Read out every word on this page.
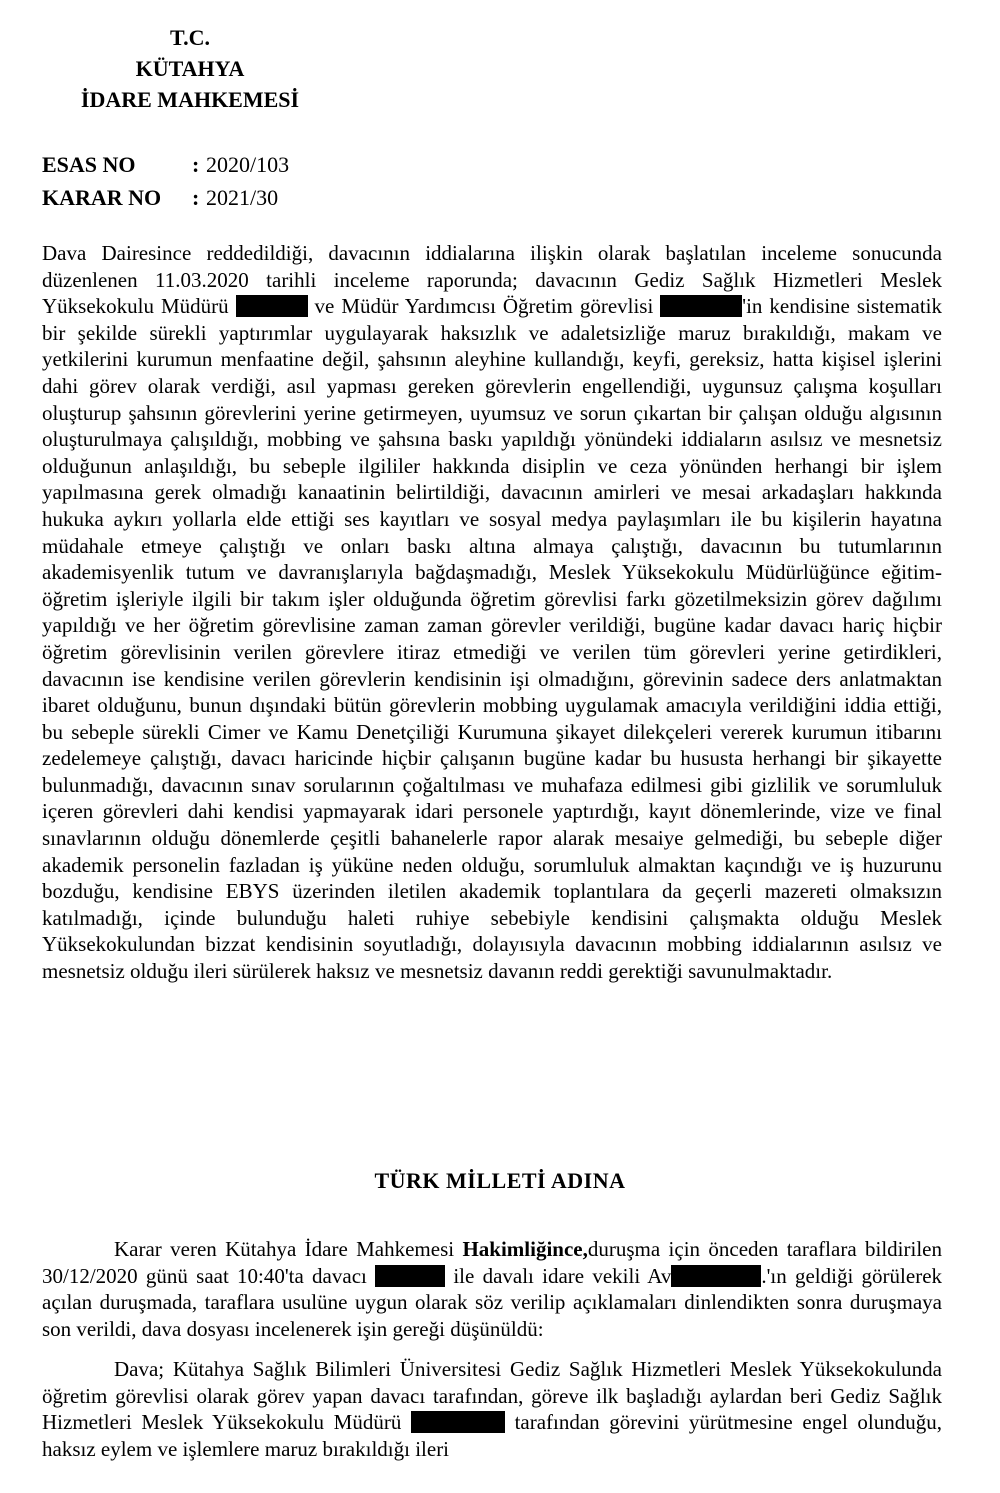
T.C.
KÜTAHYA
İDARE MAHKEMESİ
ESAS NO	: 2020/103
KARAR NO	: 2021/30
Dava Dairesince reddedildiği, davacının iddialarına ilişkin olarak başlatılan inceleme sonucunda düzenlenen 11.03.2020 tarihli inceleme raporunda; davacının Gediz Sağlık Hizmetleri Meslek Yüksekokulu Müdürü	ve Müdür Yardımcısı Öğretim görevlisi	'in kendisine sistematik bir şekilde sürekli yaptırımlar uygulayarak haksızlık ve adaletsizliğe maruz bırakıldığı, makam ve yetkilerini kurumun menfaatine değil, şahsının aleyhine kullandığı, keyfi, gereksiz, hatta kişisel işlerini dahi görev olarak verdiği, asıl yapması gereken görevlerin engellendiği, uygunsuz çalışma koşulları oluşturup şahsının görevlerini yerine getirmeyen, uyumsuz ve sorun çıkartan bir çalışan olduğu algısının oluşturulmaya çalışıldığı, mobbing ve şahsına baskı yapıldığı yönündeki iddiaların asılsız ve mesnetsiz olduğunun anlaşıldığı, bu sebeple ilgililer hakkında disiplin ve ceza yönünden herhangi bir işlem yapılmasına gerek olmadığı kanaatinin belirtildiği, davacının amirleri ve mesai arkadaşları hakkında hukuka aykırı yollarla elde ettiği ses kayıtları ve sosyal medya paylaşımları ile bu kişilerin hayatına müdahale etmeye çalıştığı ve onları baskı altına almaya çalıştığı, davacının bu tutumlarının akademisyenlik tutum ve davranışlarıyla bağdaşmadığı, Meslek Yüksekokulu Müdürlüğünce eğitim-öğretim işleriyle ilgili bir takım işler olduğunda öğretim görevlisi farkı gözetilmeksizin görev dağılımı yapıldığı ve her öğretim görevlisine zaman zaman görevler verildiği, bugüne kadar davacı hariç hiçbir öğretim görevlisinin verilen görevlere itiraz etmediği ve verilen tüm görevleri yerine getirdikleri, davacının ise kendisine verilen görevlerin kendisinin işi olmadığını, görevinin sadece ders anlatmaktan ibaret olduğunu, bunun dışındaki bütün görevlerin mobbing uygulamak amacıyla verildiğini iddia ettiği, bu sebeple sürekli Cimer ve Kamu Denetçiliği Kurumuna şikayet dilekçeleri vererek kurumun itibarını zedelemeye çalıştığı, davacı haricinde hiçbir çalışanın bugüne kadar bu hususta herhangi bir şikayette bulunmadığı, davacının sınav sorularının çoğaltılması ve muhafaza edilmesi gibi gizlilik ve sorumluluk içeren görevleri dahi kendisi yapmayarak idari personele yaptırdığı, kayıt dönemlerinde, vize ve final sınavlarının olduğu dönemlerde çeşitli bahanelerle rapor alarak mesaiye gelmediği, bu sebeple diğer akademik personelin fazladan iş yüküne neden olduğu, sorumluluk almaktan kaçındığı ve iş huzurunu bozduğu, kendisine EBYS üzerinden iletilen akademik toplantılara da geçerli mazereti olmaksızın katılmadığı, içinde bulunduğu haleti ruhiye sebebiyle kendisini çalışmakta olduğu Meslek Yüksekokulundan bizzat kendisinin soyutladığı, dolayısıyla davacının mobbing iddialarının asılsız ve mesnetsiz olduğu ileri sürülerek haksız ve mesnetsiz davanın reddi gerektiği savunulmaktadır.
TÜRK MİLLETİ ADINA
Karar veren Kütahya İdare Mahkemesi Hakimliğince,duruşma için önceden taraflara bildirilen 30/12/2020 günü saat 10:40'ta davacı	ile davalı idare vekili Av	.'ın geldiği görülerek açılan duruşmada, taraflara usulüne uygun olarak söz verilip açıklamaları dinlendikten sonra duruşmaya son verildi, dava dosyası incelenerek işin gereği düşünüldü:
Dava; Kütahya Sağlık Bilimleri Üniversitesi Gediz Sağlık Hizmetleri Meslek Yüksekokulunda öğretim görevlisi olarak görev yapan davacı tarafından, göreve ilk başladığı aylardan beri Gediz Sağlık Hizmetleri Meslek Yüksekokulu Müdürü	tarafından görevini yürütmesine engel olunduğu, haksız eylem ve işlemlere maruz bırakıldığı ileri
